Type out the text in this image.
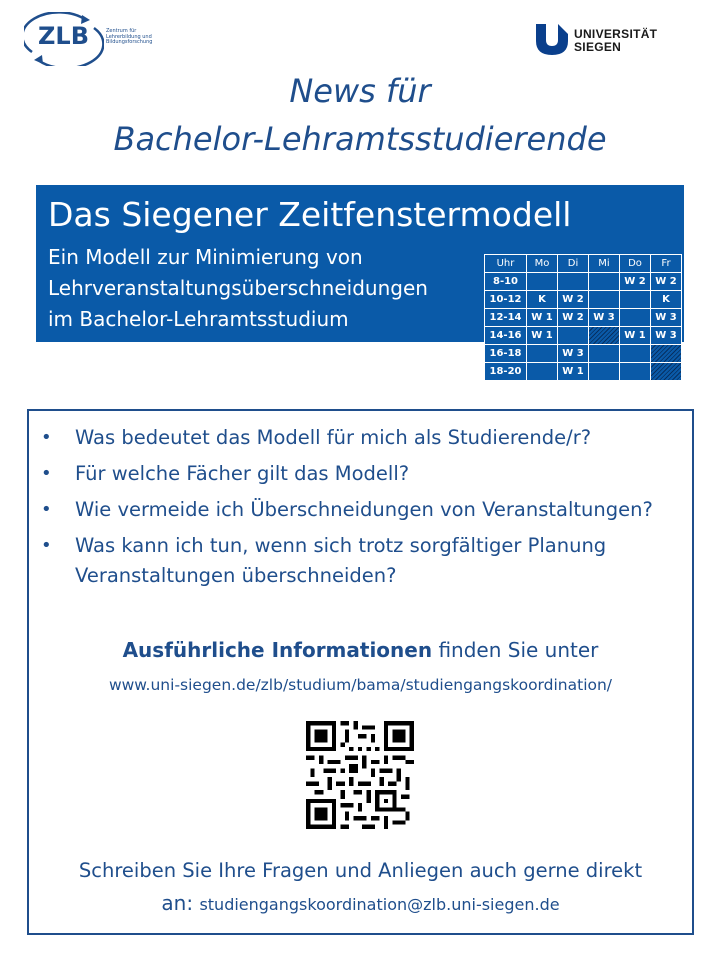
ZLB	Zentrum für
Lehrerbildung und
Bildungsforschung
UNIVERSITÄT
SIEGEN
News für
Bachelor-Lehramtsstudierende
Das Siegener Zeitfenstermodell
Ein Modell zur Minimierung von
Lehrveranstaltungsüberschneidungen
im Bachelor-Lehramtsstudium
Uhr	Mo	Di	Mi	Do	Fr
8-10				W 2	W 2
10-12	K	W 2			K
12-14	W 1	W 2	W 3		W 3
14-16	W 1			W 1	W 3
16-18		W 3			
18-20		W 1			
• Was bedeutet das Modell für mich als Studierende/r?
• Für welche Fächer gilt das Modell?
• Wie vermeide ich Überschneidungen von Veranstaltungen?
• Was kann ich tun, wenn sich trotz sorgfältiger Planung Veranstaltungen überschneiden?
Ausführliche Informationen finden Sie unter
www.uni-siegen.de/zlb/studium/bama/studiengangskoordination/
Schreiben Sie Ihre Fragen und Anliegen auch gerne direkt
an: studiengangskoordination@zlb.uni-siegen.de
